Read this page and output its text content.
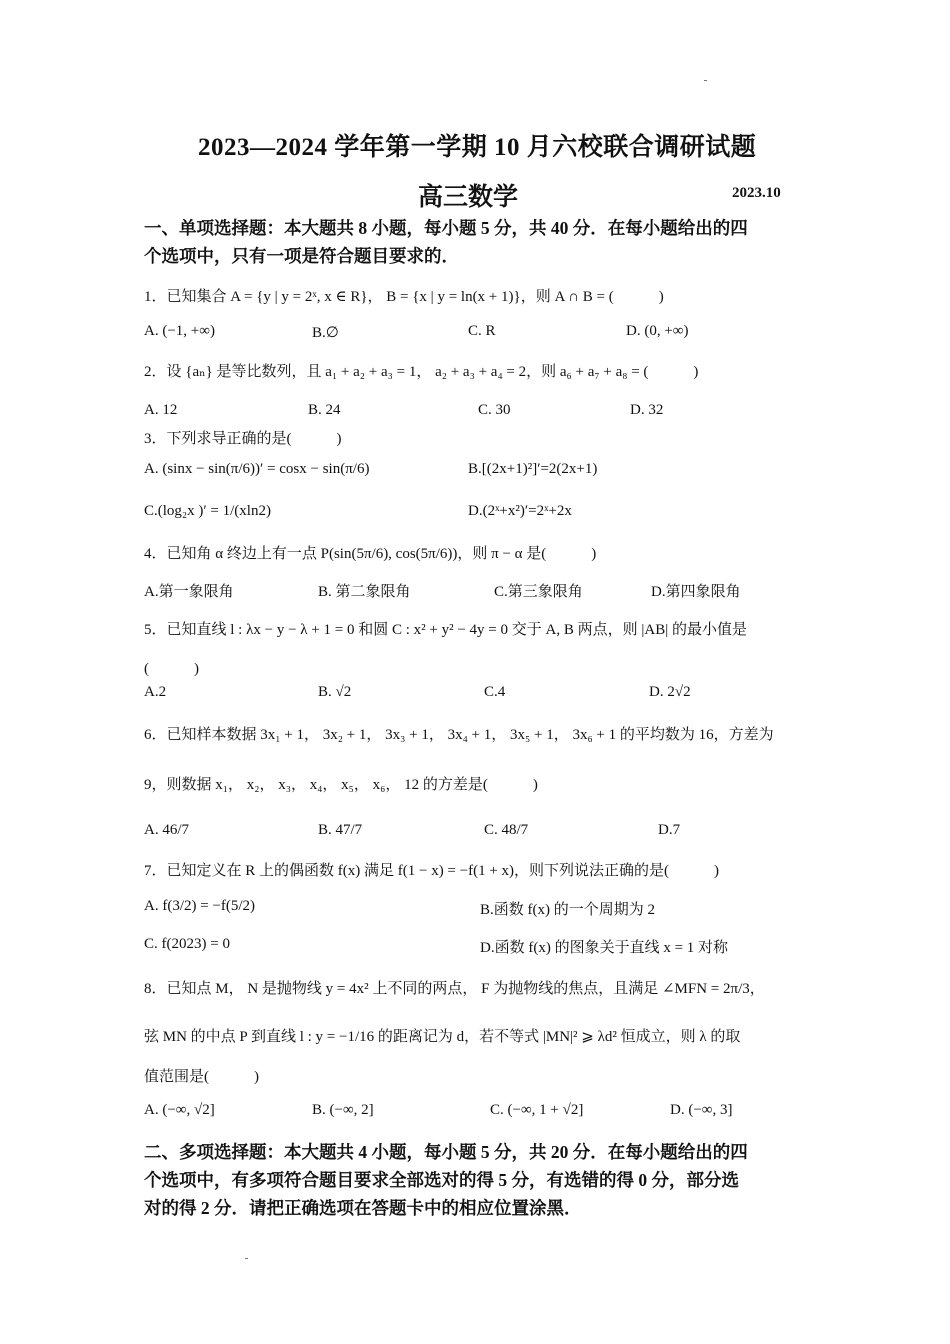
2023—2024 学年第一学期 10 月六校联合调研试题
高三数学	2023.10
一、单项选择题：本大题共 8 小题，每小题 5 分，共 40 分．在每小题给出的四
个选项中，只有一项是符合题目要求的．
1．已知集合 A = {y | y = 2ˣ, x ∈ R}， B = {x | y = ln(x + 1)}，则 A ∩ B = (　　　)
A. (−1, +∞)	B.∅	C. R	D. (0, +∞)
2．设 {aₙ} 是等比数列，且 a₁ + a₂ + a₃ = 1， a₂ + a₃ + a₄ = 2，则 a₆ + a₇ + a₈ = (　　　)
A. 12	B. 24	C. 30	D. 32
3．下列求导正确的是(　　　)
A. (sinx − sin(π/6))′ = cosx − sin(π/6)	B.[(2x+1)²]′=2(2x+1)
C.(log₂x )′ = 1/(xln2)	D.(2ˣ+x²)′=2ˣ+2x
4．已知角 α 终边上有一点 P(sin(5π/6), cos(5π/6))，则 π − α 是(　　　)
A.第一象限角	B. 第二象限角	C.第三象限角	D.第四象限角
5．已知直线 l : λx − y − λ + 1 = 0 和圆 C : x² + y² − 4y = 0 交于 A, B 两点，则 |AB| 的最小值是
(　　　)
A.2	B. √2	C.4	D. 2√2
6．已知样本数据 3x₁ + 1， 3x₂ + 1， 3x₃ + 1， 3x₄ + 1， 3x₅ + 1， 3x₆ + 1 的平均数为 16，方差为
9，则数据 x₁， x₂， x₃， x₄， x₅， x₆， 12 的方差是(　　　)
A. 46/7	B. 47/7	C. 48/7	D.7
7．已知定义在 R 上的偶函数 f(x) 满足 f(1 − x) = −f(1 + x)，则下列说法正确的是(　　　)
A. f(3/2) = −f(5/2)	B.函数 f(x) 的一个周期为 2
C. f(2023) = 0	D.函数 f(x) 的图象关于直线 x = 1 对称
8．已知点 M， N 是抛物线 y = 4x² 上不同的两点， F 为抛物线的焦点，且满足 ∠MFN = 2π/3，
弦 MN 的中点 P 到直线 l : y = −1/16 的距离记为 d，若不等式 |MN|² ⩾ λd² 恒成立，则 λ 的取
值范围是(　　　)
A. (−∞, √2]	B. (−∞, 2]	C. (−∞, 1 + √2]	D. (−∞, 3]
二、多项选择题：本大题共 4 小题，每小题 5 分，共 20 分．在每小题给出的四
个选项中，有多项符合题目要求全部选对的得 5 分，有选错的得 0 分，部分选
对的得 2 分．请把正确选项在答题卡中的相应位置涂黑．
